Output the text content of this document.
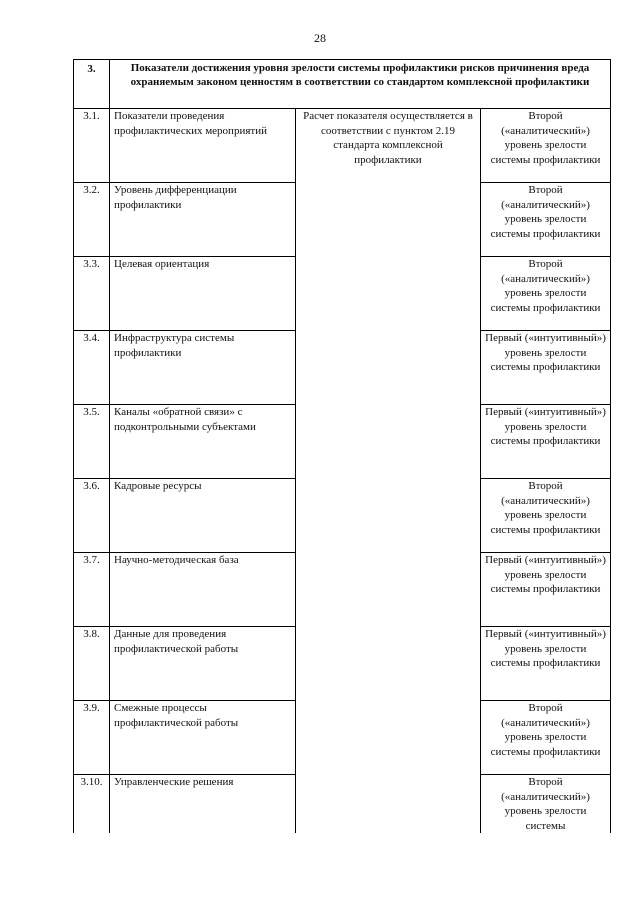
28
3.	Показатели достижения уровня зрелости системы профилактики рисков причинения вреда охраняемым законом ценностям в соответствии со стандартом комплексной профилактики		
3.1.	Показатели проведения профилактических мероприятий	Расчет показателя осуществляется в соответствии с пунктом 2.19 стандарта комплексной профилактики	Второй («аналитический») уровень зрелости системы профилактики
3.2.	Уровень дифференциации профилактики		Второй («аналитический») уровень зрелости системы профилактики
3.3.	Целевая ориентация		Второй («аналитический») уровень зрелости системы профилактики
3.4.	Инфраструктура системы профилактики		Первый («интуитивный») уровень зрелости системы профилактики
3.5.	Каналы «обратной связи» с подконтрольными субъектами		Первый («интуитивный») уровень зрелости системы профилактики
3.6.	Кадровые ресурсы		Второй («аналитический») уровень зрелости системы профилактики
3.7.	Научно-методическая база		Первый («интуитивный») уровень зрелости системы профилактики
3.8.	Данные для проведения профилактической работы		Первый («интуитивный») уровень зрелости системы профилактики
3.9.	Смежные процессы профилактической работы		Второй («аналитический») уровень зрелости системы профилактики
3.10.	Управленческие решения		Второй («аналитический») уровень зрелости системы
